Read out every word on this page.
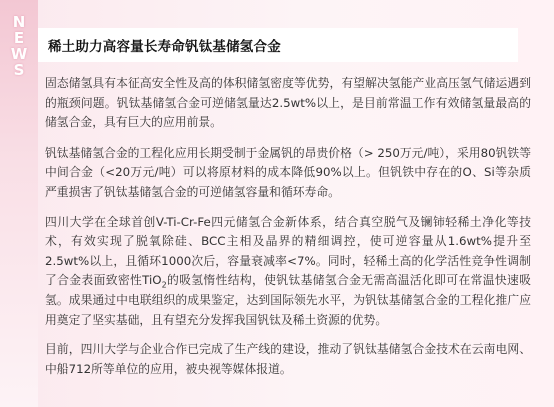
N
E
W
S
稀土助力高容量长寿命钒钛基储氢合金

固态储氢具有本征高安全性及高的体积储氢密度等优势，有望解决氢能产业高压氢气储运遇到的瓶颈问题。钒钛基储氢合金可逆储氢量达2.5wt%以上，是目前常温工作有效储氢量最高的储氢合金，具有巨大的应用前景。

钒钛基储氢合金的工程化应用长期受制于金属钒的昂贵价格（> 250万元/吨），采用80钒铁等中间合金（<20万元/吨）可以将原材料的成本降低90%以上。但钒铁中存在的O、Si等杂质严重损害了钒钛基储氢合金的可逆储氢容量和循环寿命。

四川大学在全球首创V-Ti-Cr-Fe四元储氢合金新体系，结合真空脱气及镧铈轻稀土净化等技术，有效实现了脱氧除硅、BCC主相及晶界的精细调控，使可逆容量从1.6wt%提升至2.5wt%以上，且循环1000次后，容量衰减率<7%。同时，轻稀土高的化学活性竞争性调制了合金表面致密性TiO$_2$的吸氢惰性结构，使钒钛基储氢合金无需高温活化即可在常温快速吸氢。成果通过中电联组织的成果鉴定，达到国际领先水平，为钒钛基储氢合金的工程化推广应用奠定了坚实基础，且有望充分发挥我国钒钛及稀土资源的优势。

目前，四川大学与企业合作已完成了生产线的建设，推动了钒钛基储氢合金技术在云南电网、中船712所等单位的应用，被央视等媒体报道。
